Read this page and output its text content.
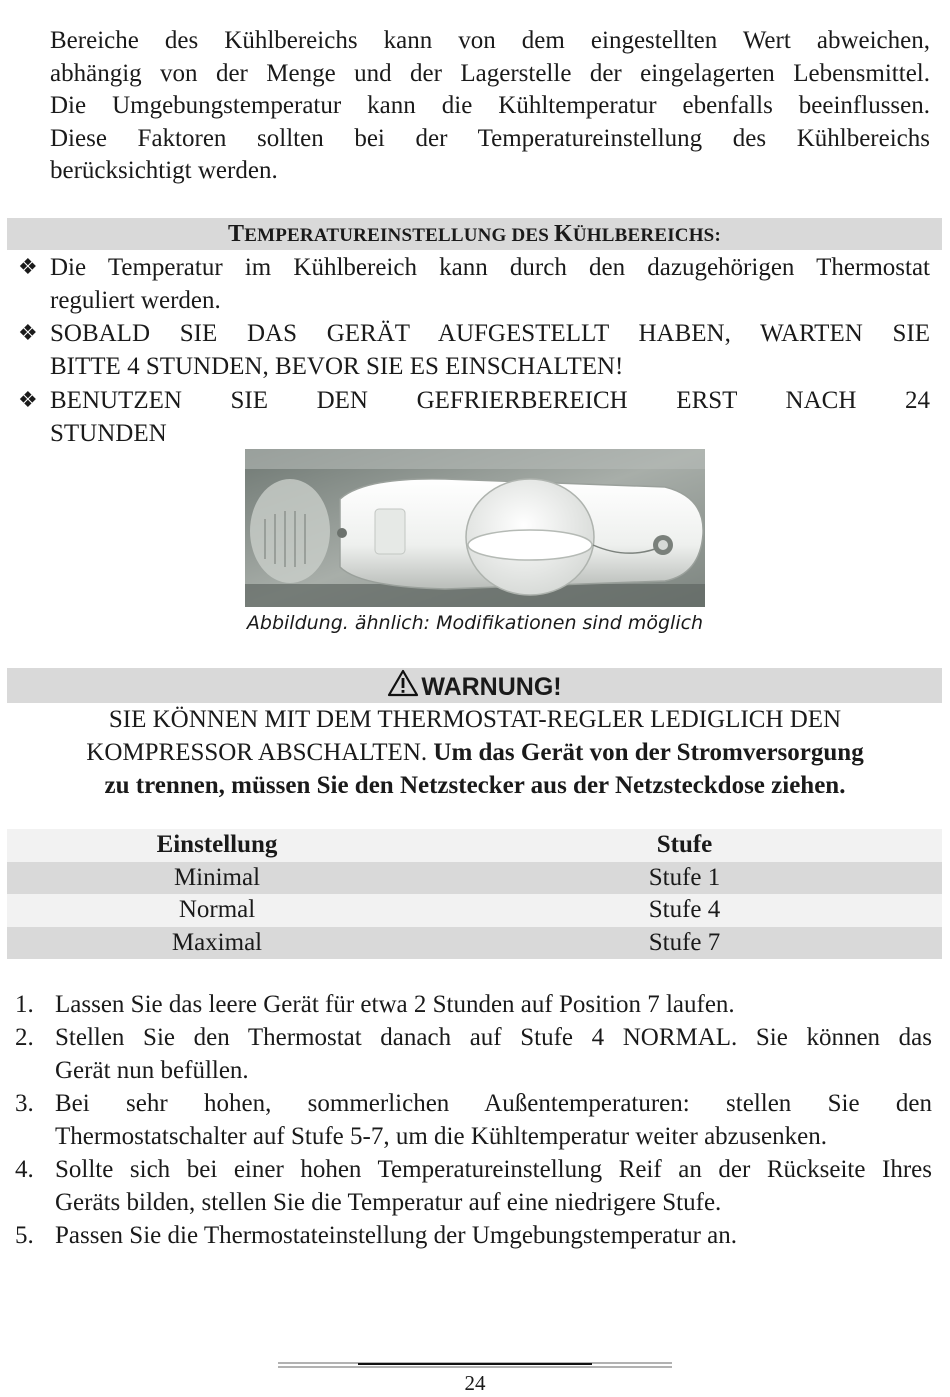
Bereiche des Kühlbereichs kann von dem eingestellten Wert abweichen,
abhängig von der Menge und der Lagerstelle der eingelagerten Lebensmittel.
Die Umgebungstemperatur kann die Kühltemperatur ebenfalls beeinflussen.
Diese Faktoren sollten bei der Temperatureinstellung des Kühlbereichs
berücksichtigt werden.
TEMPERATUREINSTELLUNG DES KÜHLBEREICHS:
❖ Die Temperatur im Kühlbereich kann durch den dazugehörigen Thermostat
reguliert werden.
❖ SOBALD SIE DAS GERÄT AUFGESTELLT HABEN, WARTEN SIE
BITTE 4 STUNDEN, BEVOR SIE ES EINSCHALTEN!
❖ BENUTZEN SIE DEN GEFRIERBEREICH ERST NACH 24
STUNDEN
Abbildung. ähnlich: Modifikationen sind möglich
WARNUNG!
SIE KÖNNEN MIT DEM THERMOSTAT-REGLER LEDIGLICH DEN
KOMPRESSOR ABSCHALTEN. Um das Gerät von der Stromversorgung
zu trennen, müssen Sie den Netzstecker aus der Netzsteckdose ziehen.
Einstellung	Stufe
Minimal	Stufe 1
Normal	Stufe 4
Maximal	Stufe 7
1. Lassen Sie das leere Gerät für etwa 2 Stunden auf Position 7 laufen.
2. Stellen Sie den Thermostat danach auf Stufe 4 NORMAL. Sie können das
Gerät nun befüllen.
3. Bei sehr hohen, sommerlichen Außentemperaturen: stellen Sie den
Thermostatschalter auf Stufe 5-7, um die Kühltemperatur weiter abzusenken.
4. Sollte sich bei einer hohen Temperatureinstellung Reif an der Rückseite Ihres
Geräts bilden, stellen Sie die Temperatur auf eine niedrigere Stufe.
5. Passen Sie die Thermostateinstellung der Umgebungstemperatur an.
24
